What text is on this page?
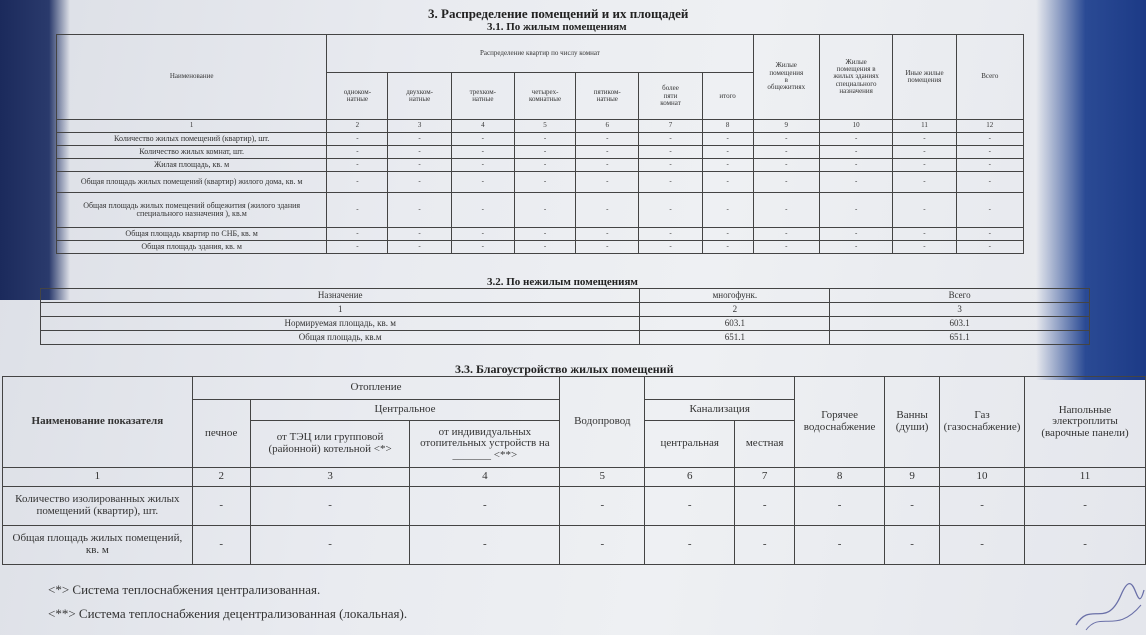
3. Распределение помещений и их площадей
3.1. По жилым помещениям
Наименование	Распределение квартир по числу комнат							Жилые
помещения
в
общежитиях	Жилые
помещения в
жилых зданиях
специального
назначения	Иные жилые
помещения	Всего
	одноком-
натные	двухком-
натные	трехком-
натные	четырех-
комнатные	пятиком-
натные	более
пяти
комнат	итого				
1	2	3	4	5	6	7	8	9	10	11	12
Количество жилых помещений (квартир), шт.	-	-	-	-	-	-	-	-	-	-	-
Количество жилых комнат, шт.	-	-	-	-	-	-	-	-	-	-	-
Жилая площадь, кв. м	-	-	-	-	-	-	-	-	-	-	-
Общая площадь жилых помещений (квартир) жилого дома, кв. м	-	-	-	-	-	-	-	-	-	-	-
Общая площадь жилых помещений общежития (жилого здания специального назначения ), кв.м	-	-	-	-	-	-	-	-	-	-	-
Общая площадь квартир по СНБ, кв. м	-	-	-	-	-	-	-	-	-	-	-
Общая площадь здания, кв. м	-	-	-	-	-	-	-	-	-	-	-
3.2. По нежилым помещениям
Назначение	многофунк.	Всего
1	2	3
Нормируемая площадь, кв. м	603.1	603.1
Общая площадь, кв.м	651.1	651.1
3.3. Благоустройство жилых помещений
Наименование показателя	Отопление			Водопровод			Горячее водоснабжение	Ванны (души)	Газ (газоснабжение)	Напольные электроплиты (варочные панели)
	печное	Центральное			Канализация					
		от ТЭЦ или групповой (районной) котельной <*>	от индивидуальных отопительных устройств на _______ <**>		центральная	местная				
1	2	3	4	5	6	7	8	9	10	11
Количество изолированных жилых помещений (квартир), шт.	-	-	-	-	-	-	-	-	-	-
Общая площадь жилых помещений, кв. м	-	-	-	-	-	-	-	-	-	-
<*> Система теплоснабжения централизованная.
<**> Система теплоснабжения децентрализованная (локальная).
